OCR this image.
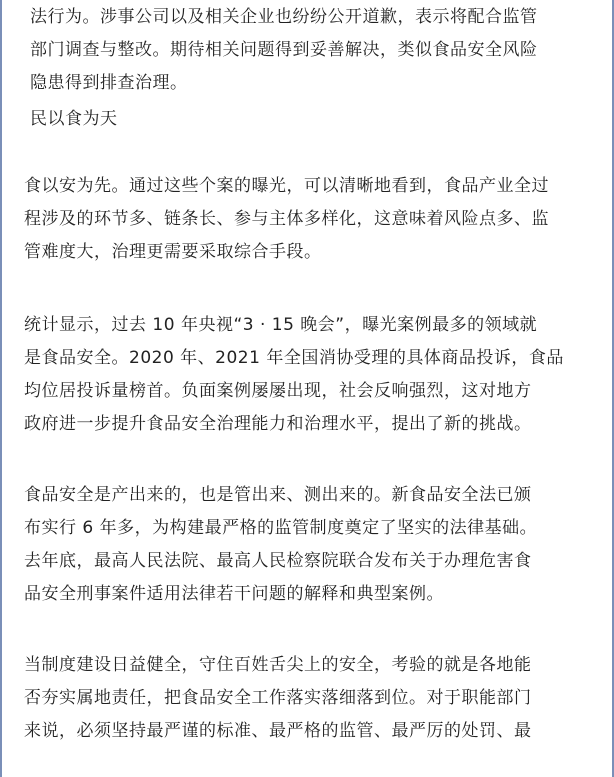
法行为。涉事公司以及相关企业也纷纷公开道歉，表示将配合监管
部门调查与整改。期待相关问题得到妥善解决，类似食品安全风险
隐患得到排查治理。
民以食为天
食以安为先。通过这些个案的曝光，可以清晰地看到，食品产业全过
程涉及的环节多、链条长、参与主体多样化，这意味着风险点多、监
管难度大，治理更需要采取综合手段。
统计显示，过去 10 年央视“3 · 15 晚会”，曝光案例最多的领域就
是食品安全。2020 年、2021 年全国消协受理的具体商品投诉，食品
均位居投诉量榜首。负面案例屡屡出现，社会反响强烈，这对地方
政府进一步提升食品安全治理能力和治理水平，提出了新的挑战。
食品安全是产出来的，也是管出来、测出来的。新食品安全法已颁
布实行 6 年多，为构建最严格的监管制度奠定了坚实的法律基础。
去年底，最高人民法院、最高人民检察院联合发布关于办理危害食
品安全刑事案件适用法律若干问题的解释和典型案例。
当制度建设日益健全，守住百姓舌尖上的安全，考验的就是各地能
否夯实属地责任，把食品安全工作落实落细落到位。对于职能部门
来说，必须坚持最严谨的标准、最严格的监管、最严厉的处罚、最
